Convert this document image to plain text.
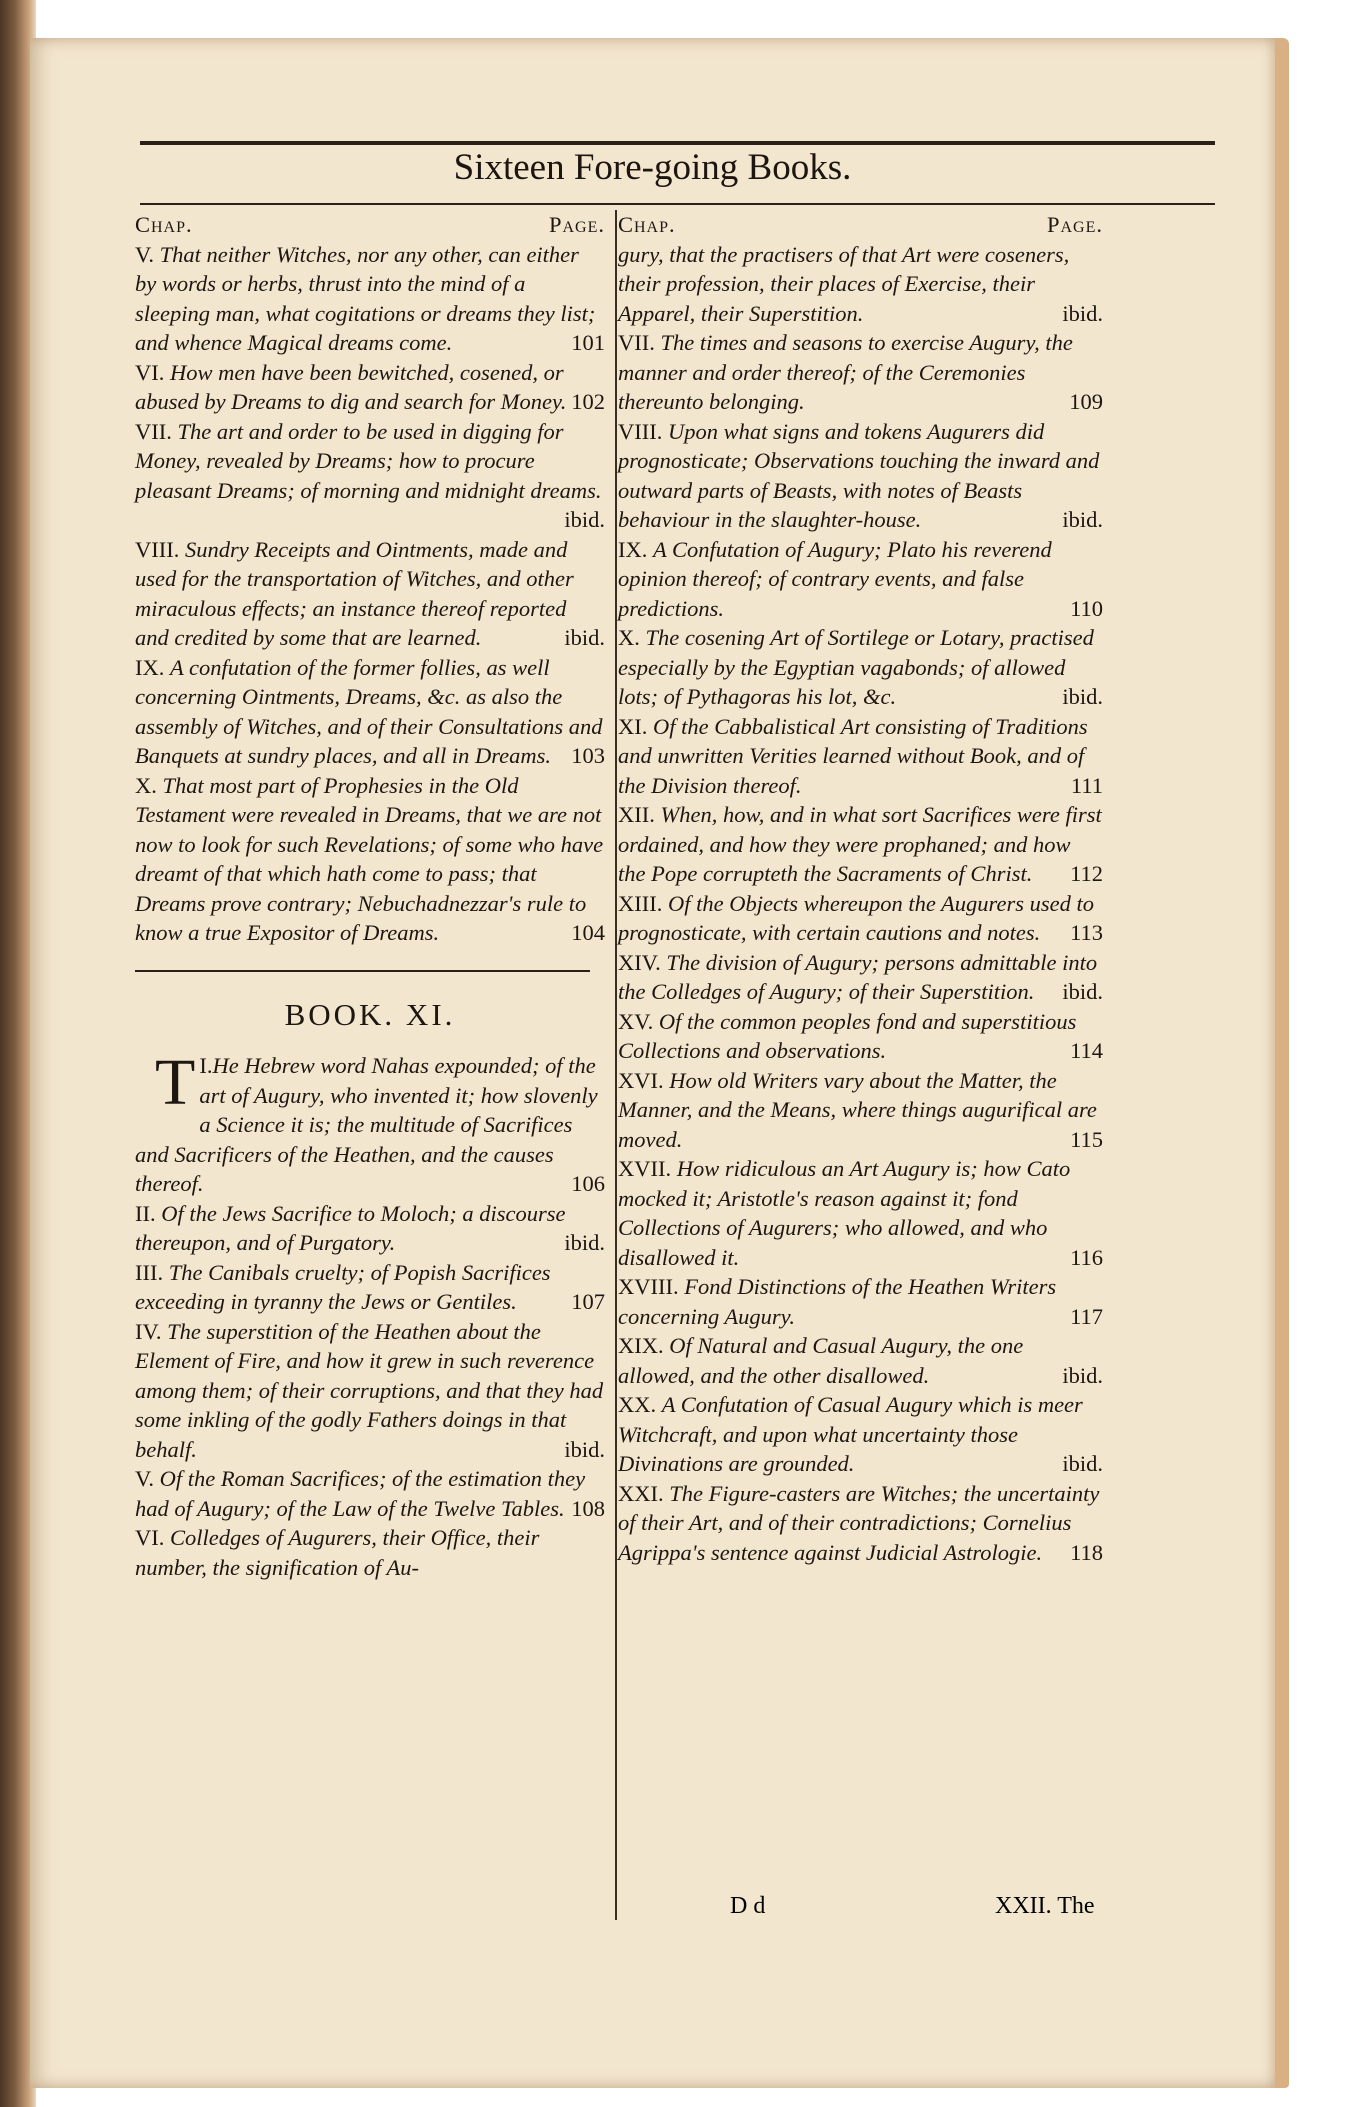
Sixteen Fore-going Books.
Chap.	Page.

V. That neither Witches, nor any other, can either by words or herbs, thrust into the mind of a sleeping man, what cogitations or dreams they list; and whence Magical dreams come.	101

VI. How men have been bewitched, cosened, or abused by Dreams to dig and search for Money. 102

VII. The art and order to be used in digging for Money, revealed by Dreams; how to procure pleasant Dreams; of morning and midnight dreams.
ibid.

VIII. Sundry Receipts and Ointments, made and used for the transportation of Witches, and other miraculous effects; an instance thereof reported and credited by some that are learned.	ibid.

IX. A confutation of the former follies, as well concerning Ointments, Dreams, &c. as also the assembly of Witches, and of their Consultations and Banquets at sundry places, and all in Dreams. 103

X. That most part of Prophesies in the Old Testament were revealed in Dreams, that we are not now to look for such Revelations; of some who have dreamt of that which hath come to pass; that Dreams prove contrary; Nebuchadnezzar's rule to know a true Expositor of Dreams.	104

BOOK. XI.

I.
T He Hebrew word Nahas expounded; of the art of Augury, who invented it; how slovenly a Science it is; the multitude of Sacrifices and Sacrificers of the Heathen, and the causes thereof.	106

II. Of the Jews Sacrifice to Moloch; a discourse thereupon, and of Purgatory.	ibid.

III. The Canibals cruelty; of Popish Sacrifices exceeding in tyranny the Jews or Gentiles. 107

IV. The superstition of the Heathen about the Element of Fire, and how it grew in such reverence among them; of their corruptions, and that they had some inkling of the godly Fathers doings in that behalf.	ibid.

V. Of the Roman Sacrifices; of the estimation they had of Augury; of the Law of the Twelve Tables. 108

VI. Colledges of Augurers, their Office, their number, the signification of Au-

Chap.	Page.

gury, that the practisers of that Art were coseners, their profession, their places of Exercise, their Apparel, their Superstition.	ibid.

VII. The times and seasons to exercise Augury, the manner and order thereof; of the Ceremonies thereunto belonging.	109

VIII. Upon what signs and tokens Augurers did prognosticate; Observations touching the inward and outward parts of Beasts, with notes of Beasts behaviour in the slaughter-house.	ibid.

IX. A Confutation of Augury; Plato his reverend opinion thereof; of contrary events, and false predictions.	110

X. The cosening Art of Sortilege or Lotary, practised especially by the Egyptian vagabonds; of allowed lots; of Pythagoras his lot, &c.	ibid.

XI. Of the Cabbalistical Art consisting of Traditions and unwritten Verities learned without Book, and of the Division thereof.	111

XII. When, how, and in what sort Sacrifices were first ordained, and how they were prophaned; and how the Pope corrupteth the Sacraments of Christ. 112

XIII. Of the Objects whereupon the Augurers used to prognosticate, with certain cautions and notes. 113

XIV. The division of Augury; persons admittable into the Colledges of Augury; of their Superstition. ibid.

XV. Of the common peoples fond and superstitious Collections and observations.	114

XVI. How old Writers vary about the Matter, the Manner, and the Means, where things augurifical are moved.	115

XVII. How ridiculous an Art Augury is; how Cato mocked it; Aristotle's reason against it; fond Collections of Augurers; who allowed, and who disallowed it.	116

XVIII. Fond Distinctions of the Heathen Writers concerning Augury.	117

XIX. Of Natural and Casual Augury, the one allowed, and the other disallowed.	ibid.

XX. A Confutation of Casual Augury which is meer Witchcraft, and upon what uncertainty those Divinations are grounded.	ibid.

XXI. The Figure-casters are Witches; the uncertainty of their Art, and of their contradictions; Cornelius Agrippa's sentence against Judicial Astrologie. 118

D d	XXII. The
